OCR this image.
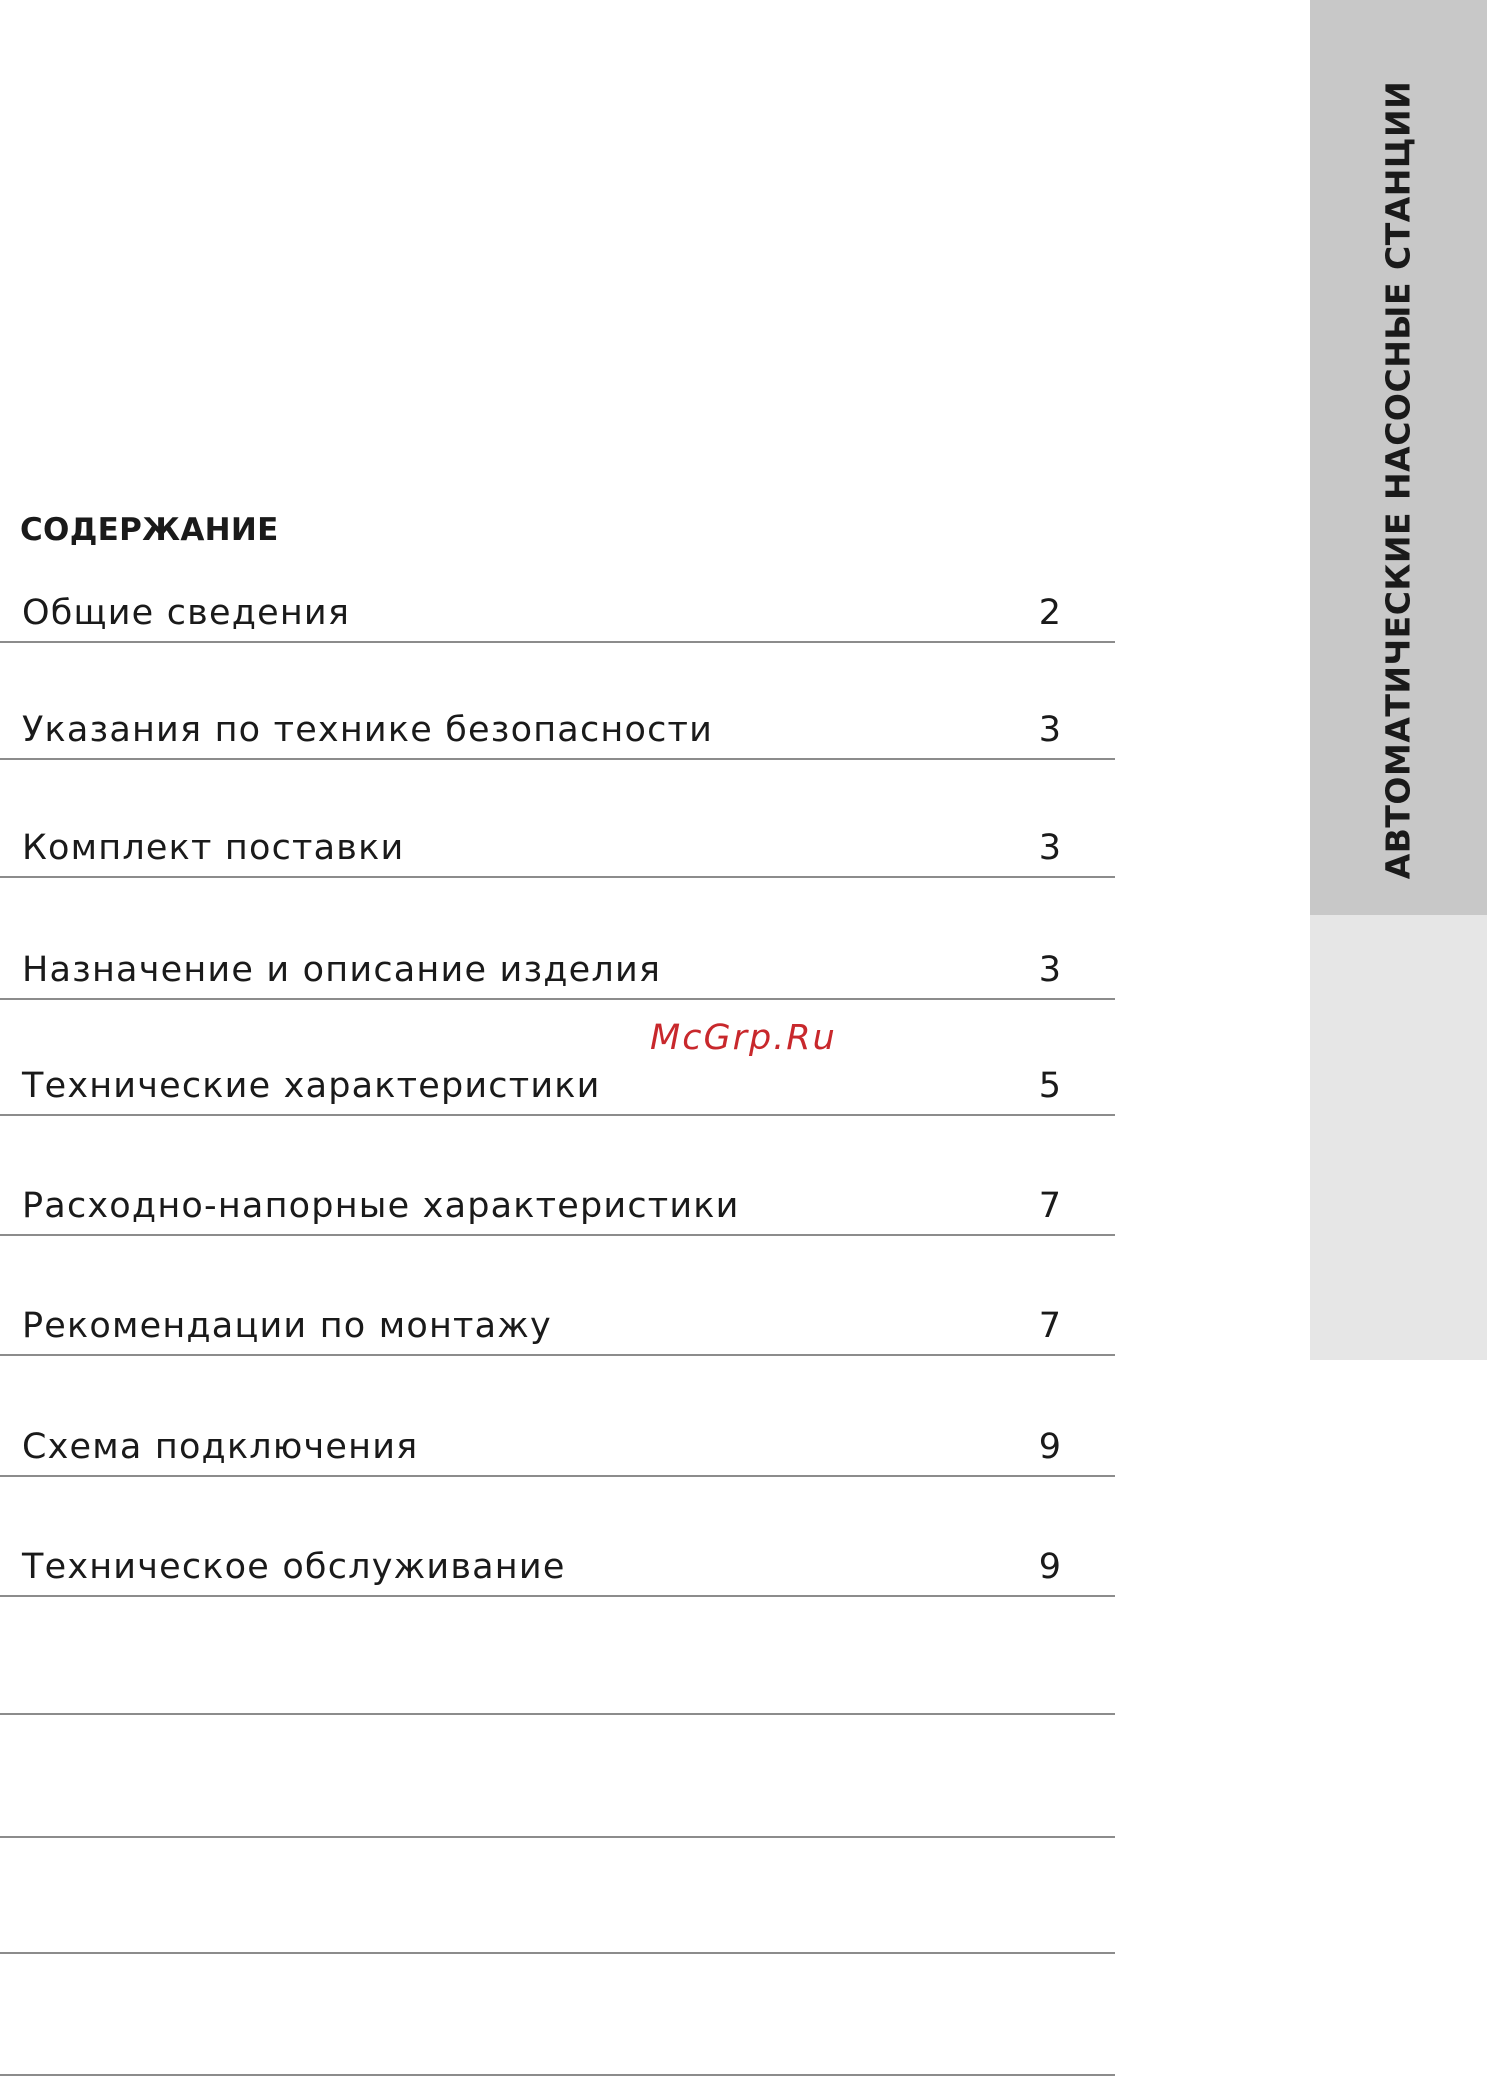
АВТОМАТИЧЕСКИЕ НАСОСНЫЕ СТАНЦИИ
СОДЕРЖАНИЕ
Общие сведения	2
Указания по технике безопасности	3
Комплект поставки	3
Назначение и описание изделия	3
Технические характеристики	5
Расходно-напорные характеристики	7
Рекомендации по монтажу	7
Схема подключения	9
Техническое обслуживание	9
McGrp.Ru
